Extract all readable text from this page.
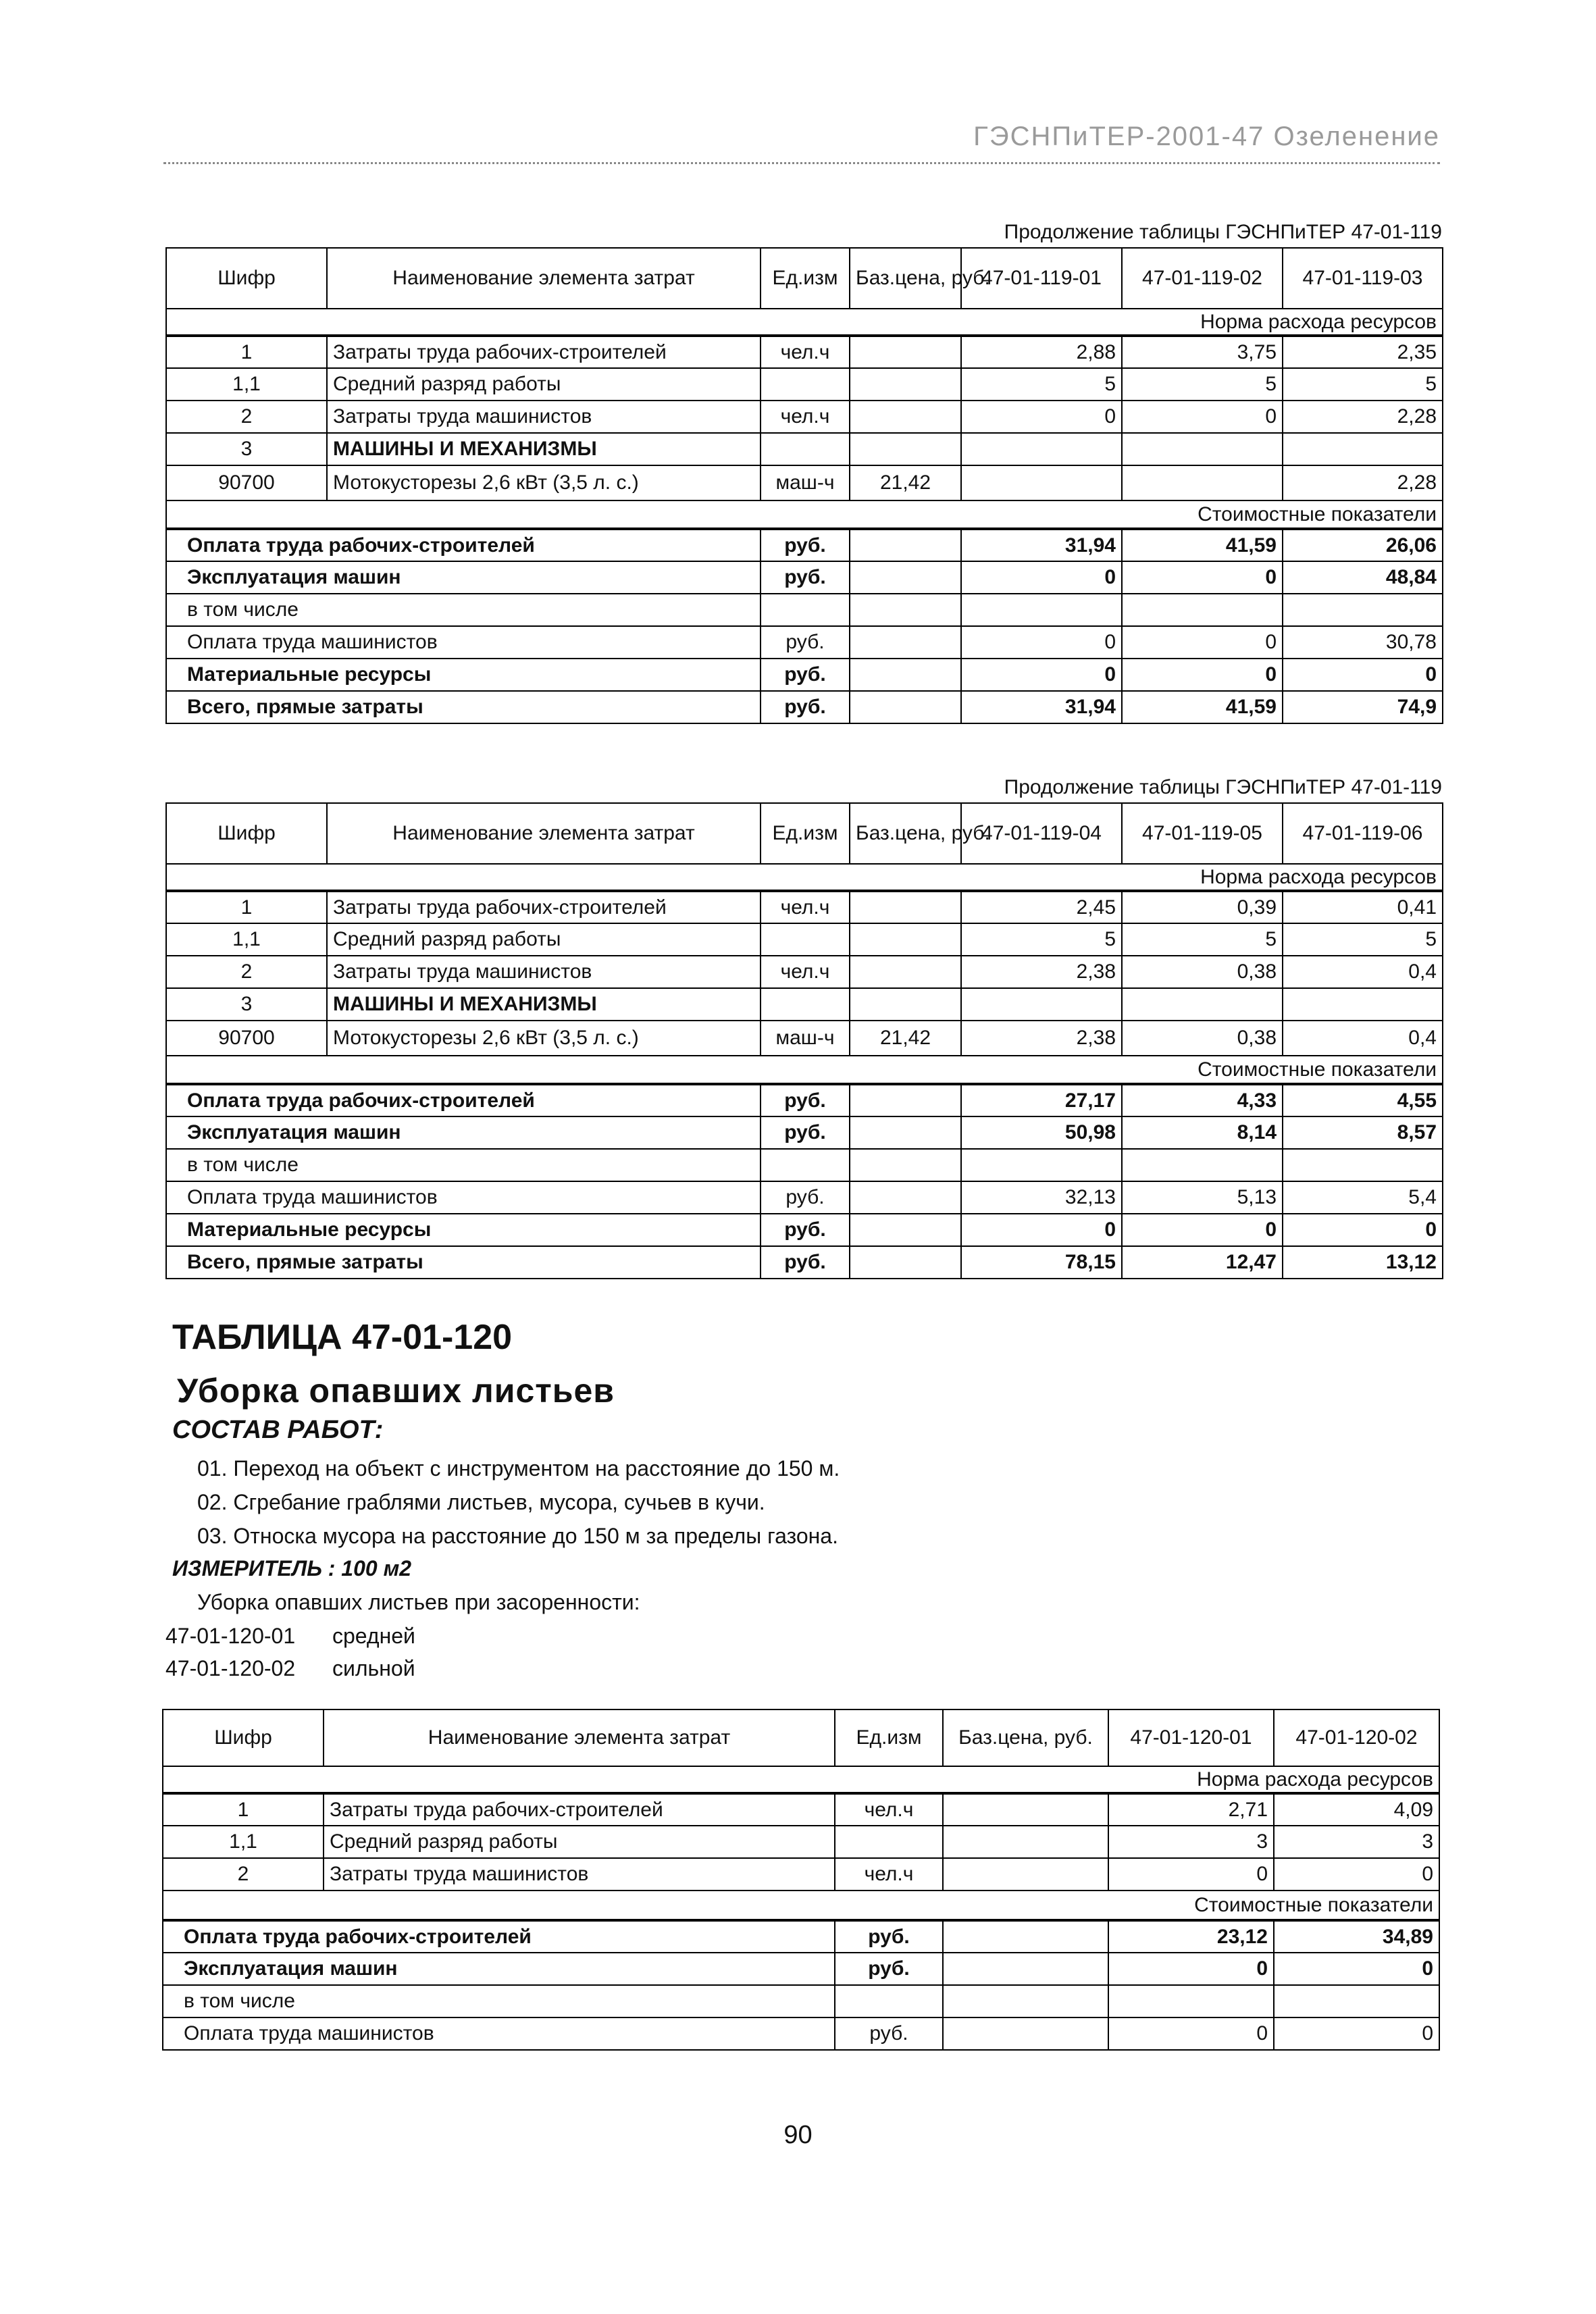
ГЭСНПиТЕР-2001-47 Озеленение
Продолжение таблицы ГЭСНПиТЕР 47-01-119
Шифр	Наименование элемента затрат	Ед.изм	Баз.цена, руб.	47-01-119-01	47-01-119-02	47-01-119-03
Норма расхода ресурсов						
1	Затраты труда рабочих-строителей	чел.ч		2,88	3,75	2,35
1,1	Средний разряд работы			5	5	5
2	Затраты труда машинистов	чел.ч		0	0	2,28
3	МАШИНЫ И МЕХАНИЗМЫ					
90700	Мотокусторезы 2,6 кВт (3,5 л. с.)	маш-ч	21,42			2,28
Стоимостные показатели						
Оплата труда рабочих-строителей		руб.		31,94	41,59	26,06
Эксплуатация машин		руб.		0	0	48,84
в том числе						
Оплата труда машинистов		руб.		0	0	30,78
Материальные ресурсы		руб.		0	0	0
Всего, прямые затраты		руб.		31,94	41,59	74,9
Продолжение таблицы ГЭСНПиТЕР 47-01-119
Шифр	Наименование элемента затрат	Ед.изм	Баз.цена, руб.	47-01-119-04	47-01-119-05	47-01-119-06
Норма расхода ресурсов						
1	Затраты труда рабочих-строителей	чел.ч		2,45	0,39	0,41
1,1	Средний разряд работы			5	5	5
2	Затраты труда машинистов	чел.ч		2,38	0,38	0,4
3	МАШИНЫ И МЕХАНИЗМЫ					
90700	Мотокусторезы 2,6 кВт (3,5 л. с.)	маш-ч	21,42	2,38	0,38	0,4
Стоимостные показатели						
Оплата труда рабочих-строителей		руб.		27,17	4,33	4,55
Эксплуатация машин		руб.		50,98	8,14	8,57
в том числе						
Оплата труда машинистов		руб.		32,13	5,13	5,4
Материальные ресурсы		руб.		0	0	0
Всего, прямые затраты		руб.		78,15	12,47	13,12
ТАБЛИЦА 47-01-120
Уборка опавших листьев
СОСТАВ РАБОТ:
01. Переход на объект с инструментом на расстояние до 150 м.
02. Сгребание граблями листьев, мусора, сучьев в кучи.
03. Относка мусора на расстояние до 150 м за пределы газона.
ИЗМЕРИТЕЛЬ : 100 м2
Уборка опавших листьев при засоренности:
47-01-120-01 средней
47-01-120-02 сильной
Шифр	Наименование элемента затрат	Ед.изм	Баз.цена, руб.	47-01-120-01	47-01-120-02
Норма расхода ресурсов					
1	Затраты труда рабочих-строителей	чел.ч		2,71	4,09
1,1	Средний разряд работы			3	3
2	Затраты труда машинистов	чел.ч		0	0
Стоимостные показатели					
Оплата труда рабочих-строителей		руб.		23,12	34,89
Эксплуатация машин		руб.		0	0
в том числе					
Оплата труда машинистов		руб.		0	0
90
